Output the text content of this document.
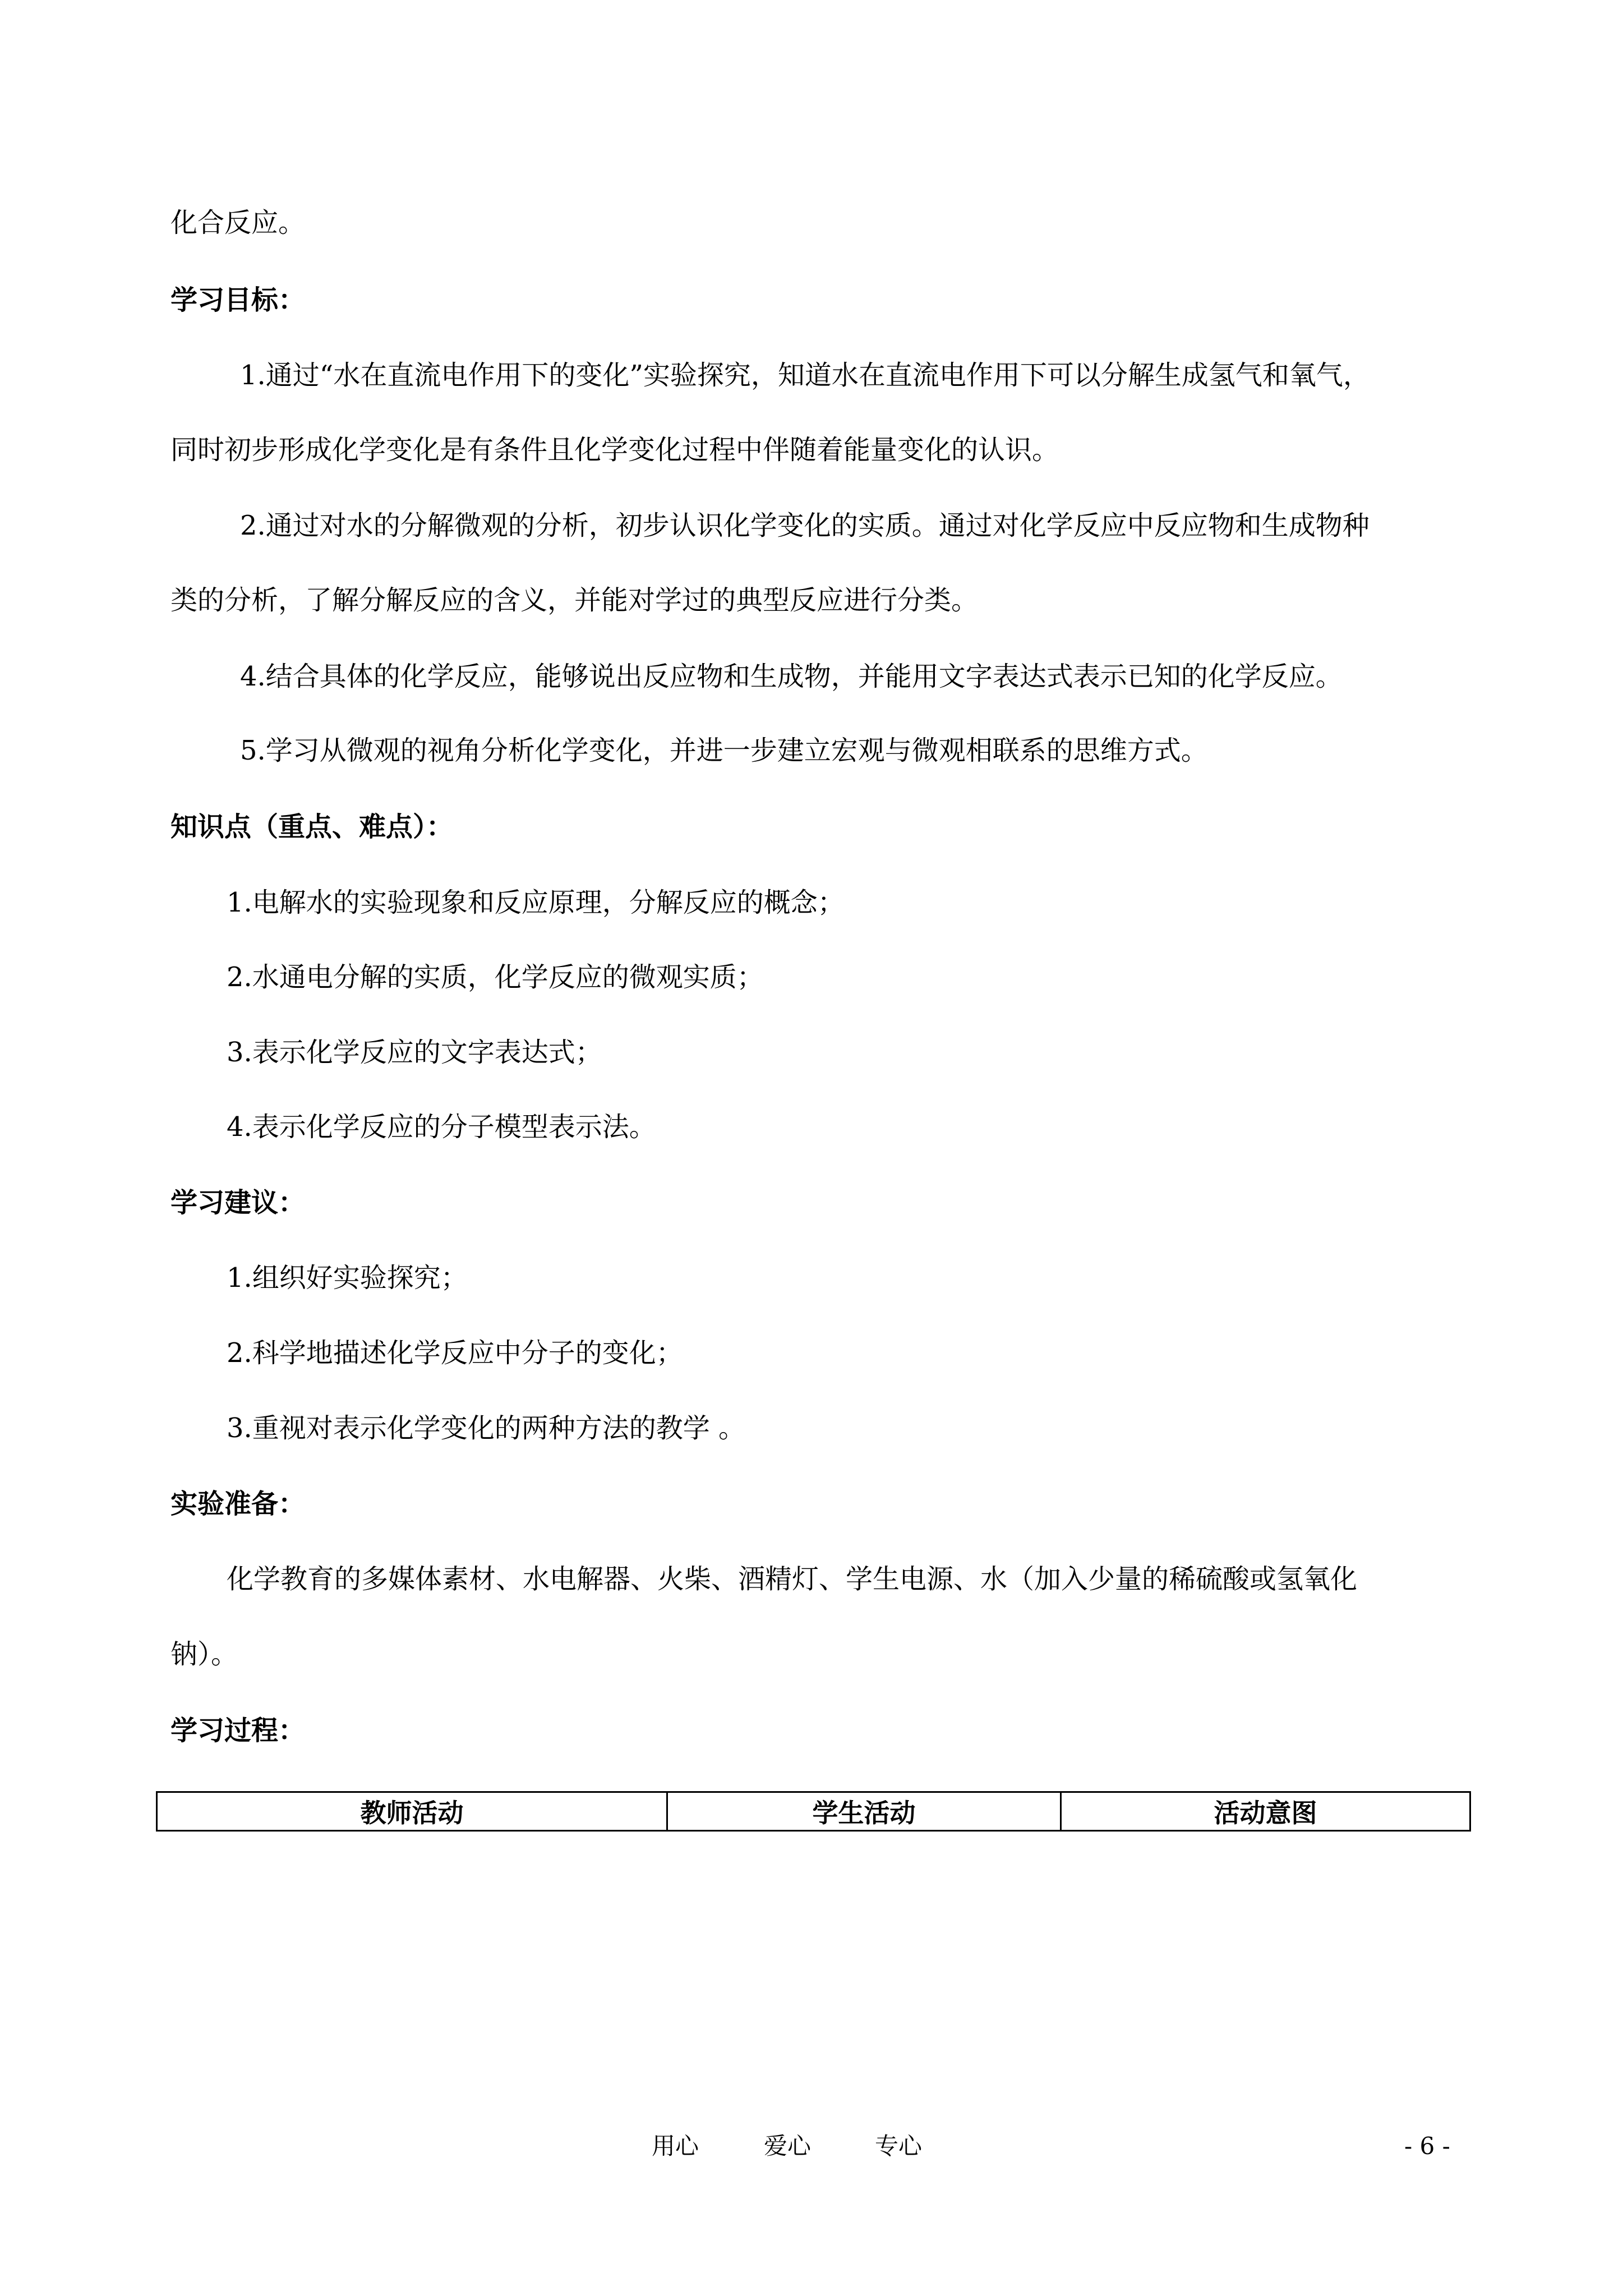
化合反应。
学习目标：
1.通过“水在直流电作用下的变化”实验探究，知道水在直流电作用下可以分解生成氢气和氧气，
同时初步形成化学变化是有条件且化学变化过程中伴随着能量变化的认识。
2.通过对水的分解微观的分析，初步认识化学变化的实质。通过对化学反应中反应物和生成物种
类的分析，了解分解反应的含义，并能对学过的典型反应进行分类。
4.结合具体的化学反应，能够说出反应物和生成物，并能用文字表达式表示已知的化学反应。
5.学习从微观的视角分析化学变化，并进一步建立宏观与微观相联系的思维方式。
知识点（重点、难点）：
1.电解水的实验现象和反应原理，分解反应的概念；
2.水通电分解的实质，化学反应的微观实质；
3.表示化学反应的文字表达式；
4.表示化学反应的分子模型表示法。
学习建议：
1.组织好实验探究；
2.科学地描述化学反应中分子的变化；
3.重视对表示化学变化的两种方法的教学 。
实验准备：
化学教育的多媒体素材、水电解器、火柴、酒精灯、学生电源、水（加入少量的稀硫酸或氢氧化
钠）。
学习过程：
教师活动	学生活动	活动意图
用心	爱心	专心	- 6 -
